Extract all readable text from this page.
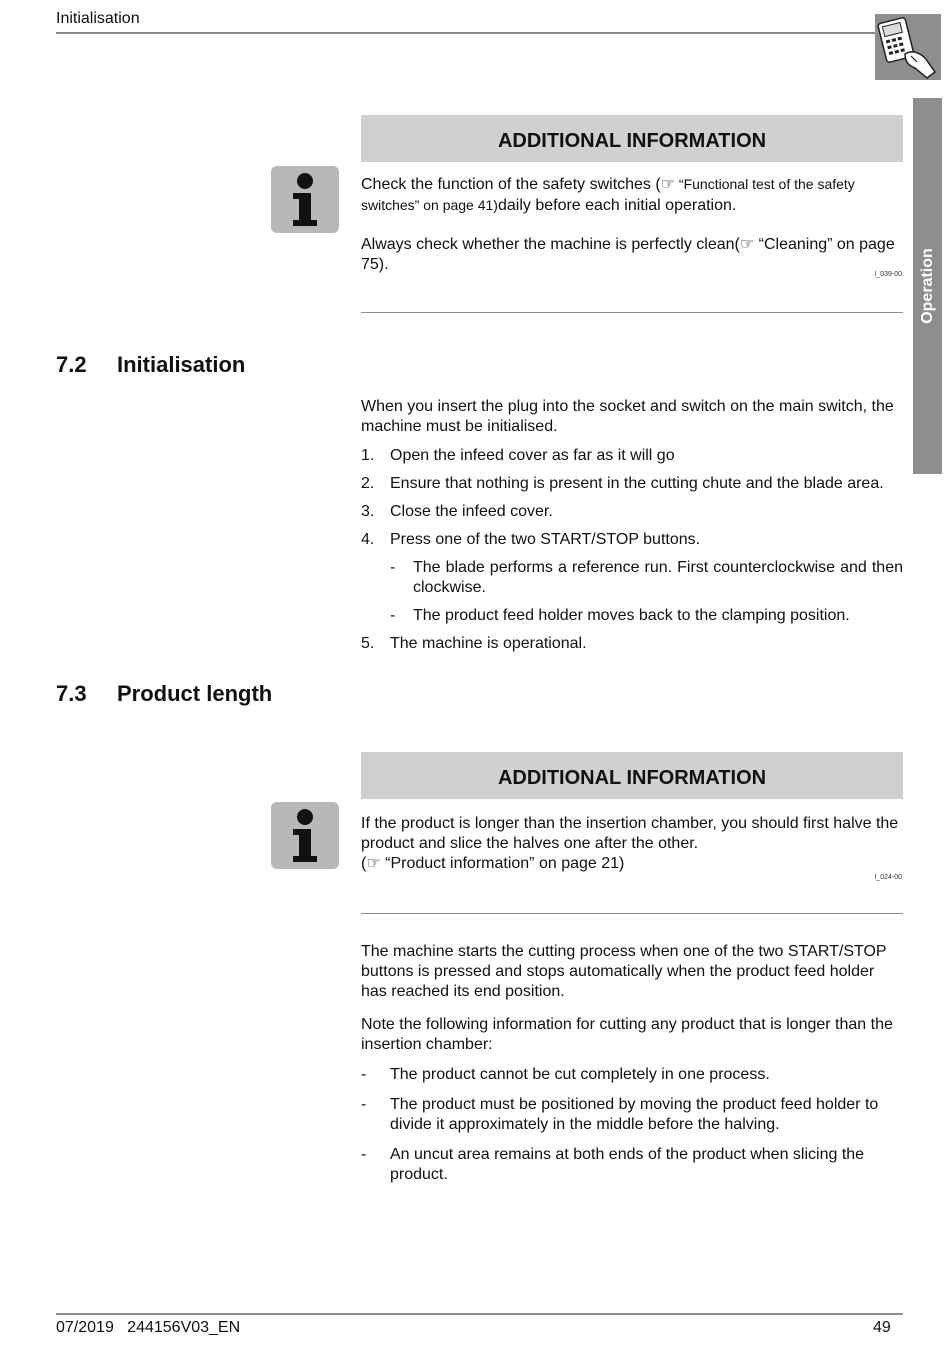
Initialisation
Operation
ADDITIONAL INFORMATION

Check the function of the safety switches (☞ “Functional test of the safety switches” on page 41)daily before each initial operation.

Always check whether the machine is perfectly clean(☞ “Cleaning” on page 75).

I_039-00
7.2 Initialisation

When you insert the plug into the socket and switch on the main switch, the machine must be initialised.

1. Open the infeed cover as far as it will go
2. Ensure that nothing is present in the cutting chute and the blade area.
3. Close the infeed cover.
4. Press one of the two START/STOP buttons.
- The blade performs a reference run. First counterclockwise and then clockwise.
- The product feed holder moves back to the clamping position.
5. The machine is operational.
7.3 Product length
ADDITIONAL INFORMATION

If the product is longer than the insertion chamber, you should first halve the product and slice the halves one after the other.

(☞ “Product information” on page 21)

I_024-00

The machine starts the cutting process when one of the two START/STOP buttons is pressed and stops automatically when the product feed holder has reached its end position.

Note the following information for cutting any product that is longer than the insertion chamber:

- The product cannot be cut completely in one process.
- The product must be positioned by moving the product feed holder to divide it approximately in the middle before the halving.
- An uncut area remains at both ends of the product when slicing the product.
07/2019   244156V03_EN	49
